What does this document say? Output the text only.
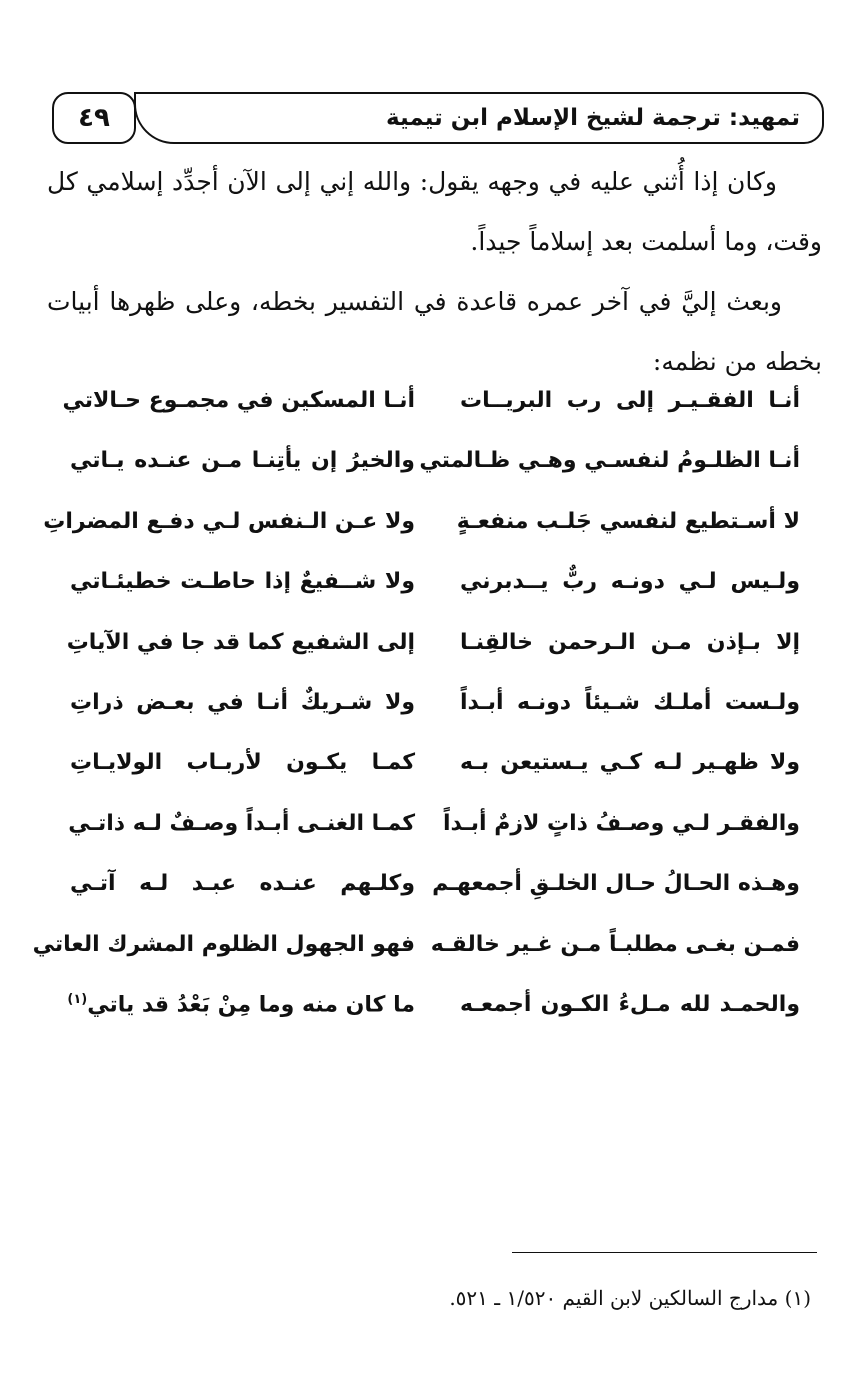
٤٩	تمهيد: ترجمة لشيخ الإسلام ابن تيمية
وكان إذا أُثني عليه في وجهه يقول: والله إني إلى الآن أجدِّد إسلامي كل وقت، وما أسلمت بعد إسلاماً جيداً.
وبعث إليَّ في آخر عمره قاعدة في التفسير بخطه، وعلى ظهرها أبيات بخطه من نظمه:
أنـا الفقـيـر إلى رب البريــات
أنـا المسكين في مجمـوع حـالاتي
أنـا الظلـومُ لنفسـي وهـي ظـالمتي
والخيرُ إن يأتِنـا مـن عنـده يـاتي
لا أسـتطيع لنفسي جَلـب منفعـةٍ
ولا عـن الـنفس لـي دفـع المضراتِ
ولـيس لـي دونـه ربٌّ يــدبرني
ولا شــفيعٌ إذا حاطـت خطيئـاتي
إلا بـإذن مـن الـرحمن خالقِنـا
إلى الشفيع كما قد جا في الآياتِ
ولـست أملـك شـيئاً دونـه أبـداً
ولا شـريكٌ أنـا في بعـض ذراتِ
ولا ظهـير لـه كـي يـستيعن بـه
كمـا يكـون لأربـاب الولايـاتِ
والفقـر لـي وصـفُ ذاتٍ لازمٌ أبـداً
كمـا الغنـى أبـداً وصـفٌ لـه ذاتـي
وهـذه الحـالُ حـال الخلـقِ أجمعهـم
وكلـهم عنـده عبـد لـه آتـي
فمـن بغـى مطلبـاً مـن غـير خالقـه
فهو الجهول الظلوم المشرك العاتي
والحمـد لله مـلءُ الكـون أجمعـه
ما كان منه وما مِنْ بَعْدُ قد ياتي$^{(١)}$
(١) مدارج السالكين لابن القيم ١/٥٢٠ ـ ٥٢١.
